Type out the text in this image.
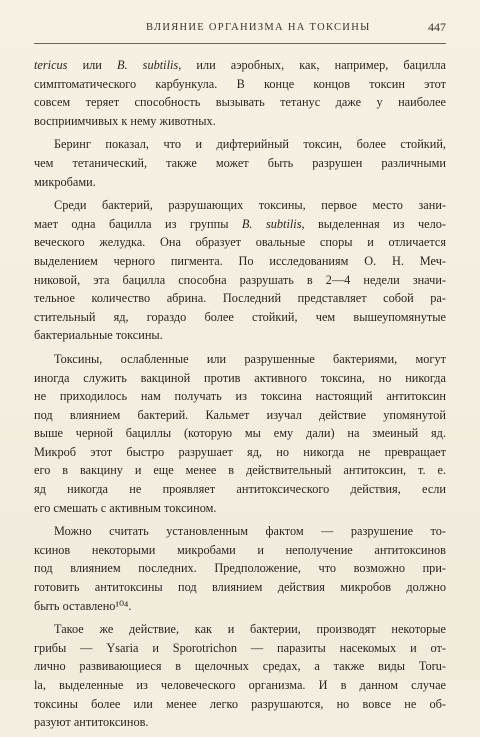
ВЛИЯНИЕ ОРГАНИЗМА НА ТОКСИНЫ	447
tericus или B. subtilis, или аэробных, как, например, бацилла
симптоматического карбункула. В конце концов токсин этот
совсем теряет способность вызывать тетанус даже у наиболее
восприимчивых к нему животных.
Беринг показал, что и дифтерийный токсин, более стойкий,
чем тетанический, также может быть разрушен различными
микробами.
Среди бактерий, разрушающих токсины, первое место зани-
мает одна бацилла из группы B. subtilis, выделенная из чело-
веческого желудка. Она образует овальные споры и отличается
выделением черного пигмента. По исследованиям О. Н. Меч-
никовой, эта бацилла способна разрушать в 2—4 недели значи-
тельное количество абрина. Последний представляет собой ра-
стительный яд, гораздо более стойкий, чем вышеупомянутые
бактериальные токсины.
Токсины, ослабленные или разрушенные бактериями, могут
иногда служить вакциной против активного токсина, но никогда
не приходилось нам получать из токсина настоящий антитоксин
под влиянием бактерий. Кальмет изучал действие упомянутой
выше черной бациллы (которую мы ему дали) на змеиный яд.
Микроб этот быстро разрушает яд, но никогда не превращает
его в вакцину и еще менее в действительный антитоксин, т. е.
яд никогда не проявляет антитоксического действия, если
его смешать с активным токсином.
Можно считать установленным фактом — разрушение то-
ксинов некоторыми микробами и неполучение антитоксинов
под влиянием последних. Предположение, что возможно при-
готовить антитоксины под влиянием действия микробов должно
быть оставлено¹⁰⁴.
Такое же действие, как и бактерии, производят некоторые
грибы — Ysaria и Sporotrichon — паразиты насекомых и от-
лично развивающиеся в щелочных средах, а также виды Toru-
la, выделенные из человеческого организма. И в данном случае
токсины более или менее легко разрушаются, но вовсе не об-
разуют антитоксинов.
